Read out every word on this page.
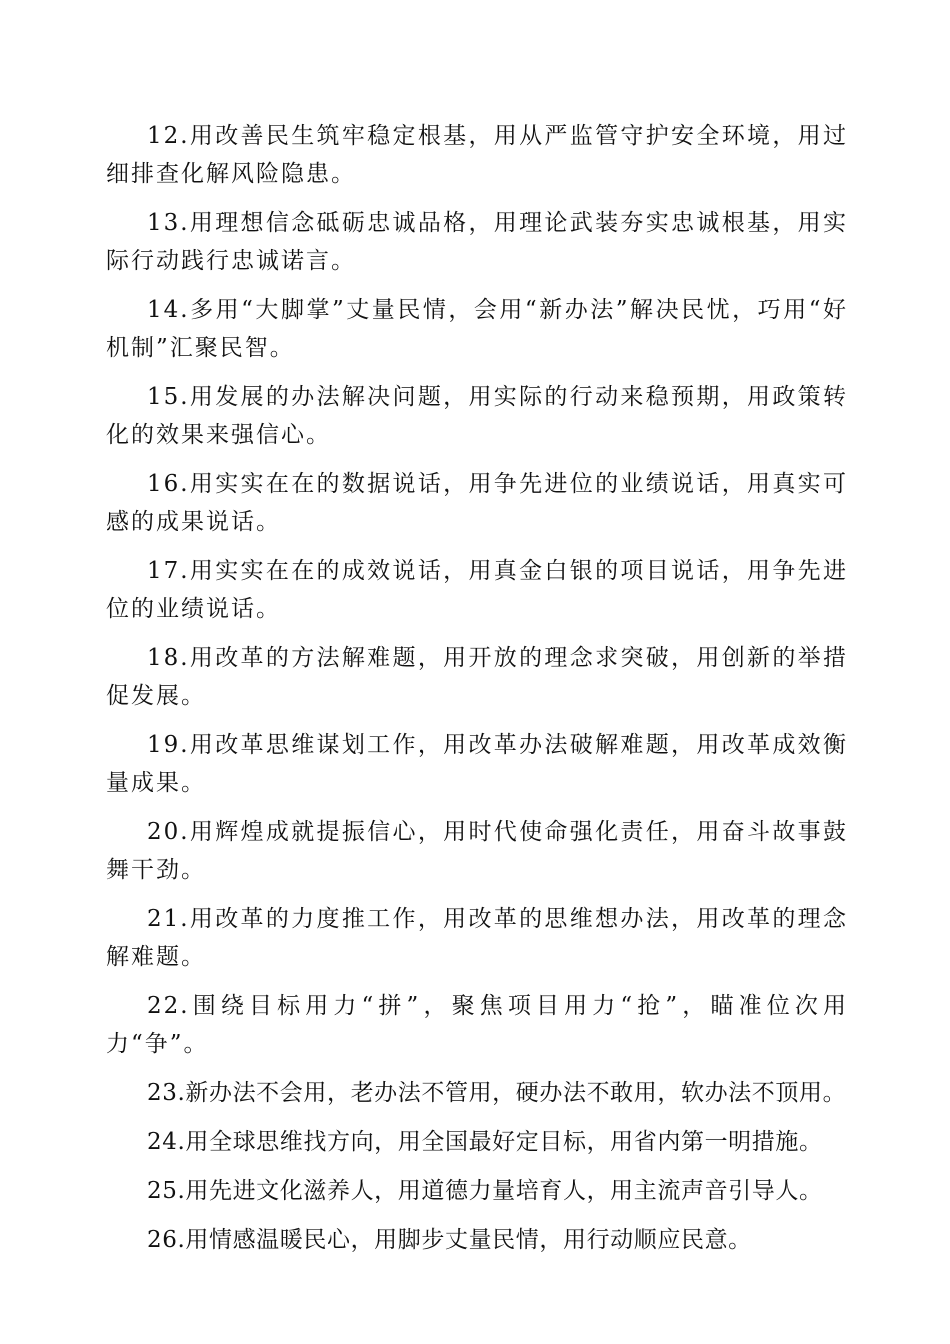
12.用改善民生筑牢稳定根基，用从严监管守护安全环境，用过细排查化解风险隐患。

13.用理想信念砥砺忠诚品格，用理论武装夯实忠诚根基，用实际行动践行忠诚诺言。

14.多用“大脚掌”丈量民情，会用“新办法”解决民忧，巧用“好机制”汇聚民智。

15.用发展的办法解决问题，用实际的行动来稳预期，用政策转化的效果来强信心。

16.用实实在在的数据说话，用争先进位的业绩说话，用真实可感的成果说话。

17.用实实在在的成效说话，用真金白银的项目说话，用争先进位的业绩说话。

18.用改革的方法解难题，用开放的理念求突破，用创新的举措促发展。

19.用改革思维谋划工作，用改革办法破解难题，用改革成效衡量成果。

20.用辉煌成就提振信心，用时代使命强化责任，用奋斗故事鼓舞干劲。

21.用改革的力度推工作，用改革的思维想办法，用改革的理念解难题。

22.围绕目标用力“拼”，聚焦项目用力“抢”，瞄准位次用力“争”。

23.新办法不会用，老办法不管用，硬办法不敢用，软办法不顶用。

24.用全球思维找方向，用全国最好定目标，用省内第一明措施。

25.用先进文化滋养人，用道德力量培育人，用主流声音引导人。

26.用情感温暖民心，用脚步丈量民情，用行动顺应民意。
